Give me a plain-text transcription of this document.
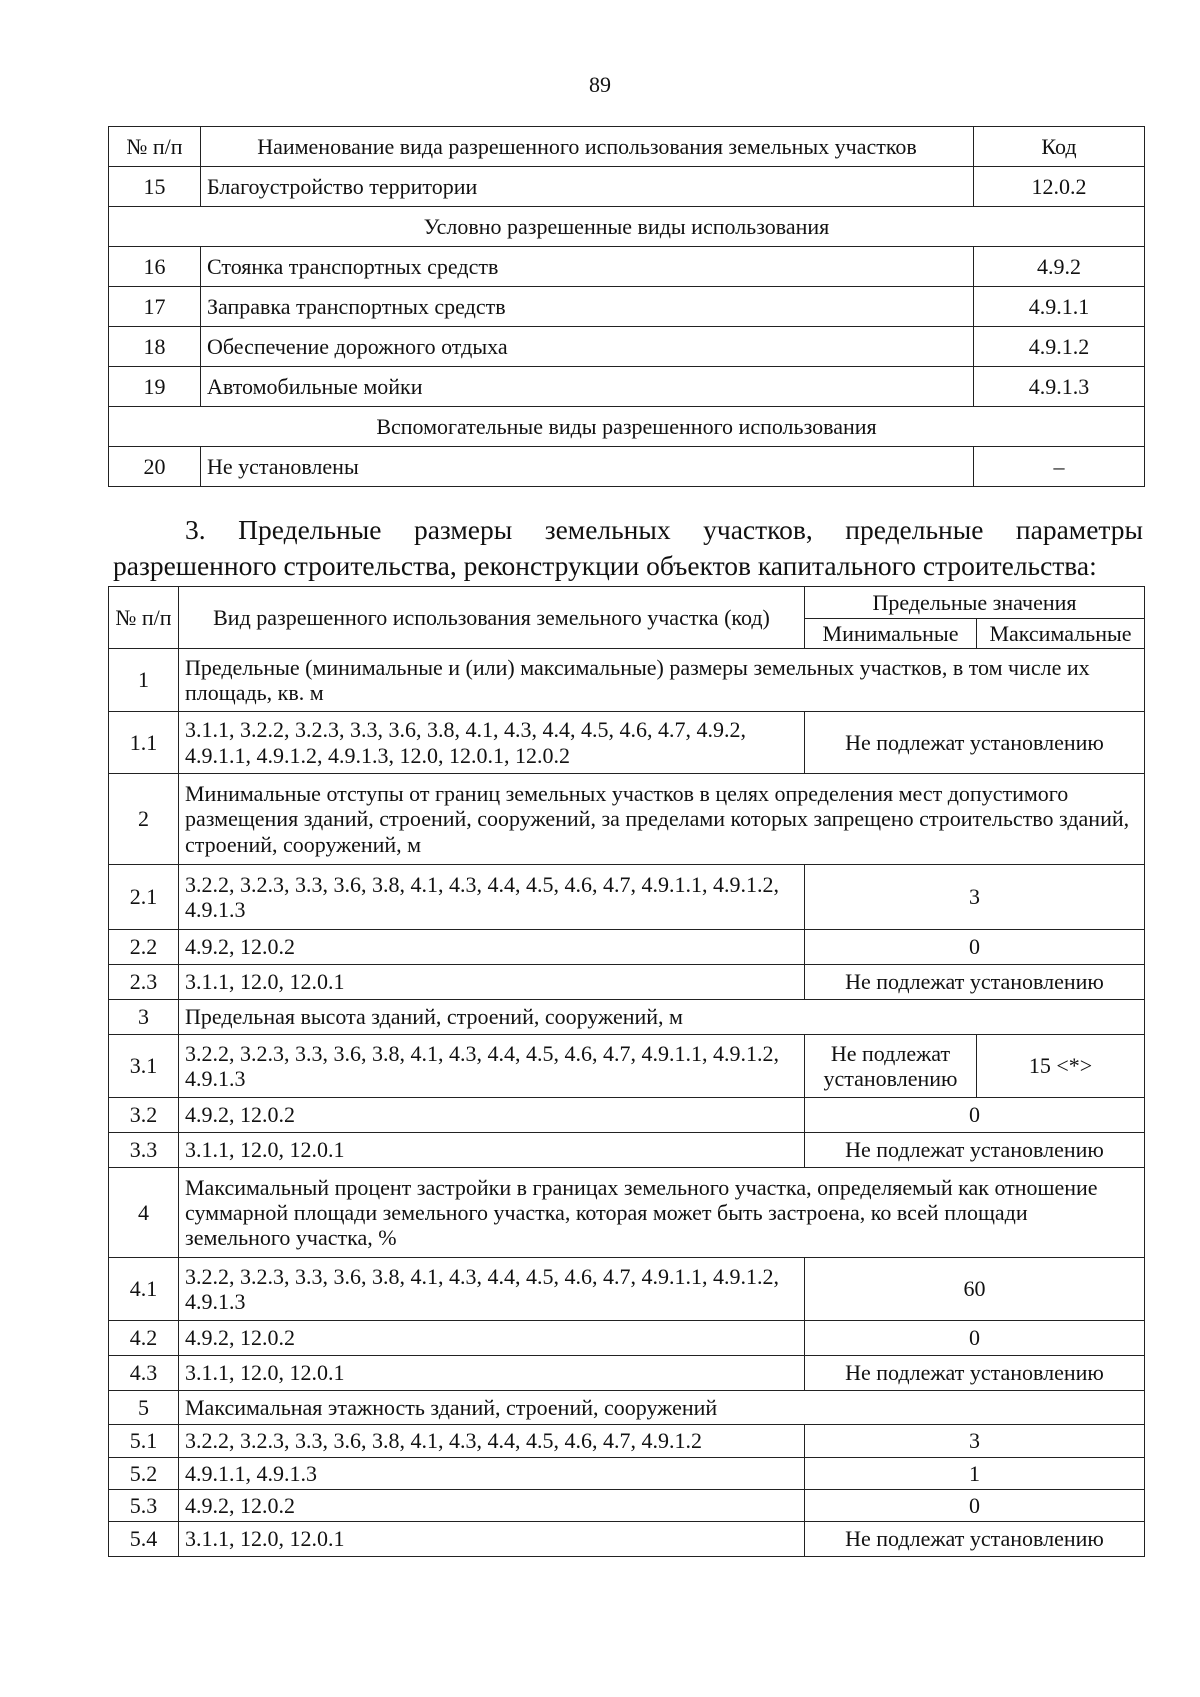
89
№ п/п	Наименование вида разрешенного использования земельных участков	Код
15	Благоустройство территории	12.0.2
Условно разрешенные виды использования		
16	Стоянка транспортных средств	4.9.2
17	Заправка транспортных средств	4.9.1.1
18	Обеспечение дорожного отдыха	4.9.1.2
19	Автомобильные мойки	4.9.1.3
Вспомогательные виды разрешенного использования		
20	Не установлены	–
3. Предельные размеры земельных участков, предельные параметры
разрешенного строительства, реконструкции объектов капитального строительства:
№ п/п	Вид разрешенного использования земельного участка (код)	Предельные значения	
		Минимальные	Максимальные
1	Предельные (минимальные и (или) максимальные) размеры земельных участков, в том числе их площадь, кв. м		
1.1	3.1.1, 3.2.2, 3.2.3, 3.3, 3.6, 3.8, 4.1, 4.3, 4.4, 4.5, 4.6, 4.7, 4.9.2, 4.9.1.1, 4.9.1.2, 4.9.1.3, 12.0, 12.0.1, 12.0.2	Не подлежат установлению	
2	Минимальные отступы от границ земельных участков в целях определения мест допустимого размещения зданий, строений, сооружений, за пределами которых запрещено строительство зданий, строений, сооружений, м		
2.1	3.2.2, 3.2.3, 3.3, 3.6, 3.8, 4.1, 4.3, 4.4, 4.5, 4.6, 4.7, 4.9.1.1, 4.9.1.2, 4.9.1.3	3	
2.2	4.9.2, 12.0.2	0	
2.3	3.1.1, 12.0, 12.0.1	Не подлежат установлению	
3	Предельная высота зданий, строений, сооружений, м		
3.1	3.2.2, 3.2.3, 3.3, 3.6, 3.8, 4.1, 4.3, 4.4, 4.5, 4.6, 4.7, 4.9.1.1, 4.9.1.2, 4.9.1.3	Не подлежат установлению	15 <*>
3.2	4.9.2, 12.0.2	0	
3.3	3.1.1, 12.0, 12.0.1	Не подлежат установлению	
4	Максимальный процент застройки в границах земельного участка, определяемый как отношение суммарной площади земельного участка, которая может быть застроена, ко всей площади земельного участка, %		
4.1	3.2.2, 3.2.3, 3.3, 3.6, 3.8, 4.1, 4.3, 4.4, 4.5, 4.6, 4.7, 4.9.1.1, 4.9.1.2, 4.9.1.3	60	
4.2	4.9.2, 12.0.2	0	
4.3	3.1.1, 12.0, 12.0.1	Не подлежат установлению	
5	Максимальная этажность зданий, строений, сооружений		
5.1	3.2.2, 3.2.3, 3.3, 3.6, 3.8, 4.1, 4.3, 4.4, 4.5, 4.6, 4.7, 4.9.1.2	3	
5.2	4.9.1.1, 4.9.1.3	1	
5.3	4.9.2, 12.0.2	0	
5.4	3.1.1, 12.0, 12.0.1	Не подлежат установлению	
